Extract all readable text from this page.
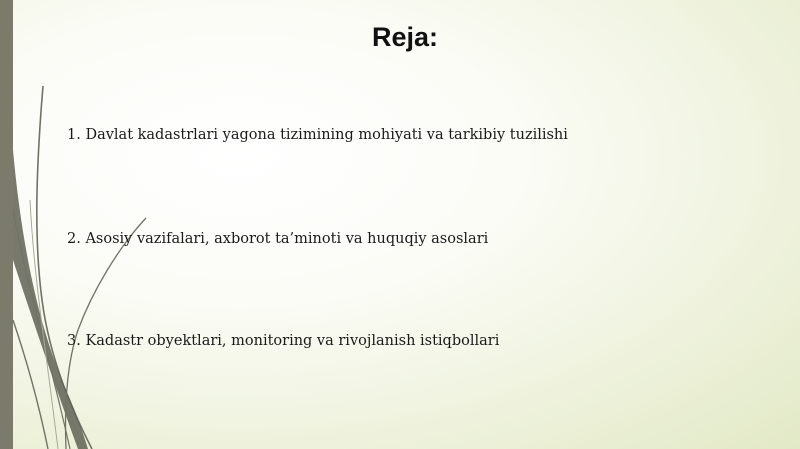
Reja:
1. Davlat kadastrlari yagona tizimining mohiyati va tarkibiy tuzilishi
2. Asosiy vazifalari, axborot ta’minoti va huquqiy asoslari
3. Kadastr obyektlari, monitoring va rivojlanish istiqbollari
